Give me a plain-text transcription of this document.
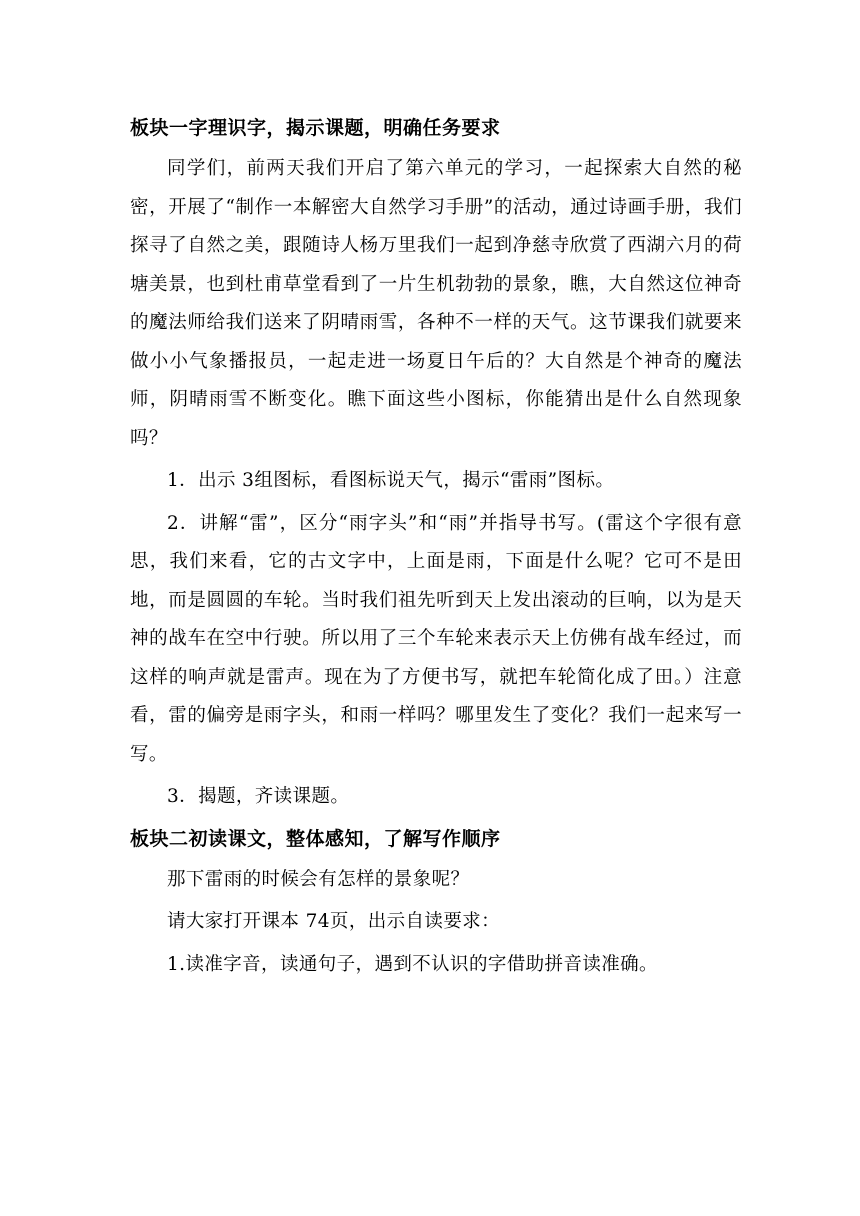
板块一字理识字，揭示课题，明确任务要求

同学们，前两天我们开启了第六单元的学习，一起探索大自然的秘密，开展了“制作一本解密大自然学习手册”的活动，通过诗画手册，我们探寻了自然之美，跟随诗人杨万里我们一起到净慈寺欣赏了西湖六月的荷塘美景，也到杜甫草堂看到了一片生机勃勃的景象，瞧，大自然这位神奇的魔法师给我们送来了阴晴雨雪，各种不一样的天气。这节课我们就要来做小小气象播报员，一起走进一场夏日午后的？大自然是个神奇的魔法师，阴晴雨雪不断变化。瞧下面这些小图标，你能猜出是什么自然现象吗？

1．出示 3组图标，看图标说天气，揭示“雷雨”图标。

2．讲解“雷”，区分“雨字头”和“雨”并指导书写。(雷这个字很有意思，我们来看，它的古文字中，上面是雨，下面是什么呢？它可不是田地，而是圆圆的车轮。当时我们祖先听到天上发出滚动的巨响，以为是天神的战车在空中行驶。所以用了三个车轮来表示天上仿佛有战车经过，而这样的响声就是雷声。现在为了方便书写，就把车轮简化成了田。）注意看，雷的偏旁是雨字头，和雨一样吗？哪里发生了变化？我们一起来写一写。

3．揭题，齐读课题。

板块二初读课文，整体感知，了解写作顺序

那下雷雨的时候会有怎样的景象呢？

请大家打开课本 74页，出示自读要求：

1.读准字音，读通句子，遇到不认识的字借助拼音读准确。
